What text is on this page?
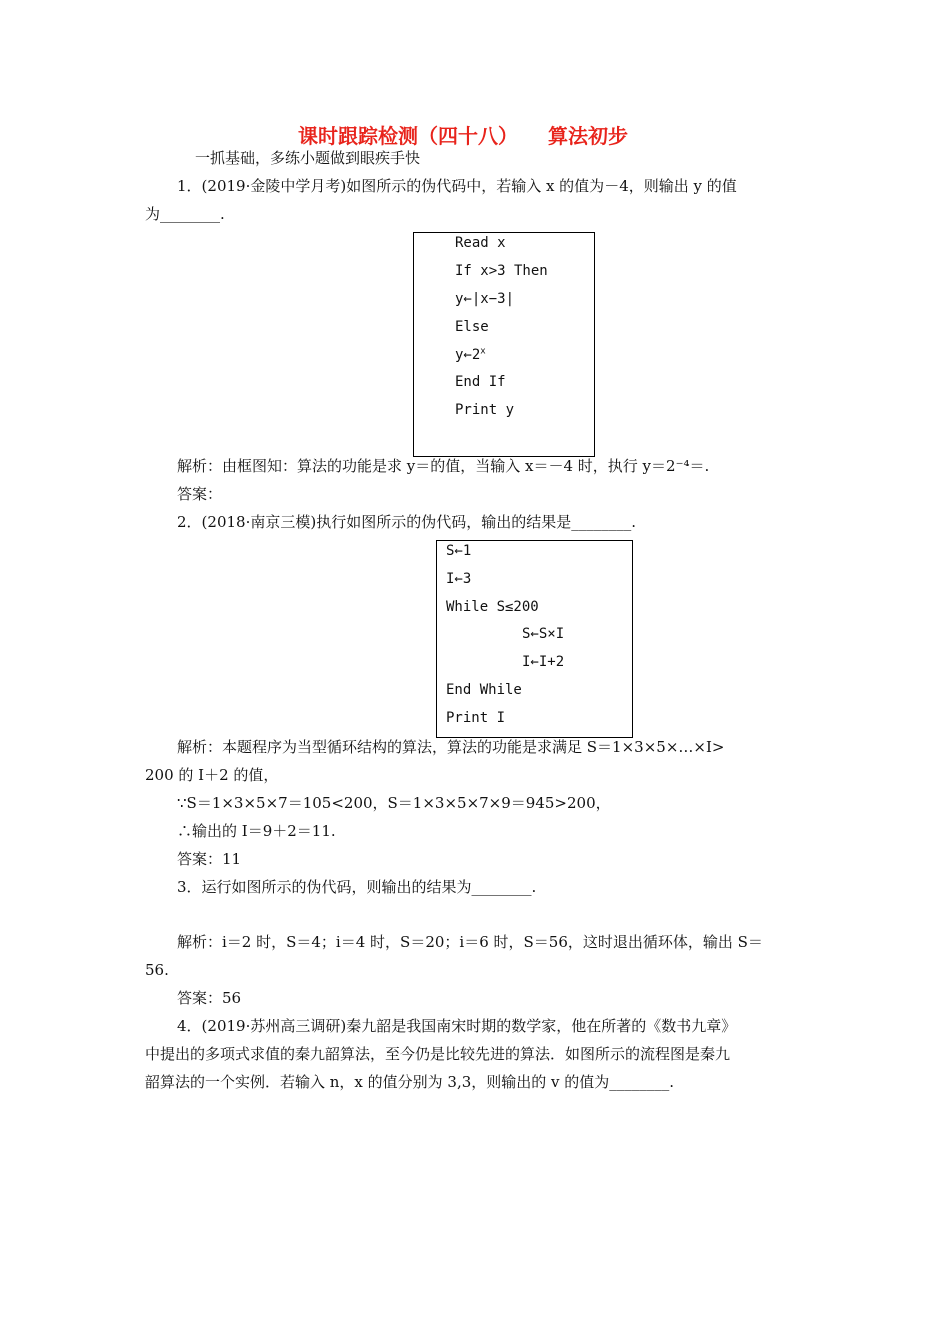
课时跟踪检测（四十八） 算法初步
一抓基础，多练小题做到眼疾手快
1．(2019·金陵中学月考)如图所示的伪代码中，若输入 x 的值为－4，则输出 y 的值
为________.
Read x
If x>3 Then
y←|x−3|
Else
y←2$^x$
End If
Print y
解析：由框图知：算法的功能是求 y＝的值，当输入 x＝－4 时，执行 y＝2⁻⁴＝.
答案：
2．(2018·南京三模)执行如图所示的伪代码，输出的结果是________.
S←1
I←3
While S≤200
S←S×I
I←I+2
End While
Print I
解析：本题程序为当型循环结构的算法，算法的功能是求满足 S＝1×3×5×…×I>
200 的 I＋2 的值，
∵S＝1×3×5×7＝105<200，S＝1×3×5×7×9＝945>200，
∴输出的 I＝9＋2＝11.
答案：11
3．运行如图所示的伪代码，则输出的结果为________.
解析：i＝2 时，S＝4；i＝4 时，S＝20；i＝6 时，S＝56，这时退出循环体，输出 S＝
56.
答案：56
4．(2019·苏州高三调研)秦九韶是我国南宋时期的数学家，他在所著的《数书九章》
中提出的多项式求值的秦九韶算法，至今仍是比较先进的算法．如图所示的流程图是秦九
韶算法的一个实例．若输入 n，x 的值分别为 3,3，则输出的 v 的值为________.
